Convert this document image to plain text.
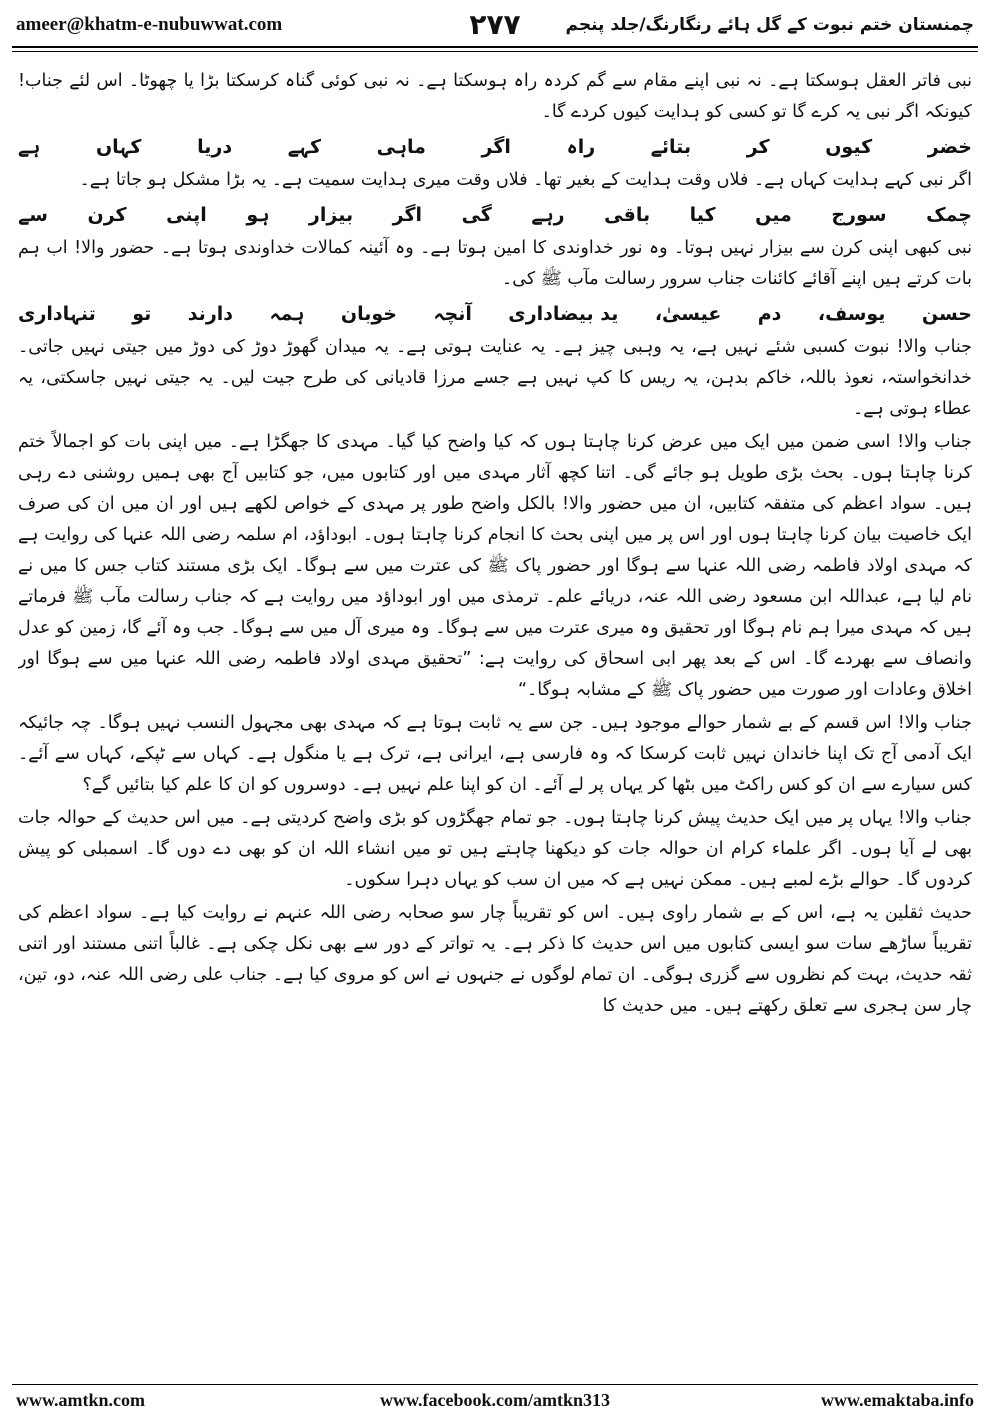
ameer@khatm-e-nubuwwat.com	۲۷۷	چمنستان ختم نبوت کے گل ہائے رنگارنگ/جلد پنجم

نبی فاتر العقل ہوسکتا ہے۔ نہ نبی اپنے مقام سے گم کردہ راہ ہوسکتا ہے۔ نہ نبی کوئی گناہ کرسکتا بڑا یا چھوٹا۔ اس لئے جناب! کیونکہ اگر نبی یہ کرے گا تو کسی کو ہدایت کیوں کردے گا۔

خضر
کیوں
کر
بتائے
راہ
اگر
ماہی
کہے
دریا
کہاں
ہے

اگر نبی کہے ہدایت کہاں ہے۔ فلاں وقت ہدایت کے بغیر تھا۔ فلاں وقت میری ہدایت سمیت ہے۔ یہ بڑا مشکل ہو جاتا ہے۔

چمک
سورج
میں
کیا
باقی
رہے
گی
اگر
بیزار
ہو
اپنی
کرن
سے

نبی کبھی اپنی کرن سے بیزار نہیں ہوتا۔ وہ نور خداوندی کا امین ہوتا ہے۔ وہ آئینہ کمالات خداوندی ہوتا ہے۔ حضور والا! اب ہم بات کرتے ہیں اپنے آقائے کائنات جناب سرور رسالت مآب ﷺ کی۔

حسن
یوسف،
دم
عیسیٰ،
ید بیضاداری
آنچہ
خوبان
ہمہ
دارند
تو
تنہاداری

جناب والا! نبوت کسبی شئے نہیں ہے، یہ وہبی چیز ہے۔ یہ عنایت ہوتی ہے۔ یہ میدان گھوڑ دوڑ کی دوڑ میں جیتی نہیں جاتی۔ خدانخواستہ، نعوذ باللہ، خاکم بدہن، یہ ریس کا کپ نہیں ہے جسے مرزا قادیانی کی طرح جیت لیں۔ یہ جیتی نہیں جاسکتی، یہ عطاء ہوتی ہے۔

جناب والا! اسی ضمن میں ایک میں عرض کرنا چاہتا ہوں کہ کیا واضح کیا گیا۔ مہدی کا جھگڑا ہے۔ میں اپنی بات کو اجمالاً ختم کرنا چاہتا ہوں۔ بحث بڑی طویل ہو جائے گی۔ اتنا کچھ آثار مہدی میں اور کتابوں میں، جو کتابیں آج بھی ہمیں روشنی دے رہی ہیں۔ سواد اعظم کی متفقہ کتابیں، ان میں حضور والا! بالکل واضح طور پر مہدی کے خواص لکھے ہیں اور ان میں ان کی صرف ایک خاصیت بیان کرنا چاہتا ہوں اور اس پر میں اپنی بحث کا انجام کرنا چاہتا ہوں۔ ابوداؤد، ام سلمہ رضی اللہ عنہا کی روایت ہے کہ مہدی اولاد فاطمہ رضی اللہ عنہا سے ہوگا اور حضور پاک ﷺ کی عترت میں سے ہوگا۔ ایک بڑی مستند کتاب جس کا میں نے نام لیا ہے، عبداللہ ابن مسعود رضی اللہ عنہ، دریائے علم۔ ترمذی میں اور ابوداؤد میں روایت ہے کہ جناب رسالت مآب ﷺ فرماتے ہیں کہ مہدی میرا ہم نام ہوگا اور تحقیق وہ میری عترت میں سے ہوگا۔ وہ میری آل میں سے ہوگا۔ جب وہ آئے گا، زمین کو عدل وانصاف سے بھردے گا۔ اس کے بعد پھر ابی اسحاق کی روایت ہے: ”تحقیق مہدی اولاد فاطمہ رضی اللہ عنہا میں سے ہوگا اور اخلاق وعادات اور صورت میں حضور پاک ﷺ کے مشابہ ہوگا۔“

جناب والا! اس قسم کے بے شمار حوالے موجود ہیں۔ جن سے یہ ثابت ہوتا ہے کہ مہدی بھی مجہول النسب نہیں ہوگا۔ چہ جائیکہ ایک آدمی آج تک اپنا خاندان نہیں ثابت کرسکا کہ وہ فارسی ہے، ایرانی ہے، ترک ہے یا منگول ہے۔ کہاں سے ٹپکے، کہاں سے آئے۔ کس سیارے سے ان کو کس راکٹ میں بٹھا کر یہاں پر لے آئے۔ ان کو اپنا علم نہیں ہے۔ دوسروں کو ان کا علم کیا بتائیں گے؟

جناب والا! یہاں پر میں ایک حدیث پیش کرنا چاہتا ہوں۔ جو تمام جھگڑوں کو بڑی واضح کردیتی ہے۔ میں اس حدیث کے حوالہ جات بھی لے آیا ہوں۔ اگر علماء کرام ان حوالہ جات کو دیکھنا چاہتے ہیں تو میں انشاء اللہ ان کو بھی دے دوں گا۔ اسمبلی کو پیش کردوں گا۔ حوالے بڑے لمبے ہیں۔ ممکن نہیں ہے کہ میں ان سب کو یہاں دہرا سکوں۔

حدیث ثقلین یہ ہے، اس کے بے شمار راوی ہیں۔ اس کو تقریباً چار سو صحابہ رضی اللہ عنہم نے روایت کیا ہے۔ سواد اعظم کی تقریباً ساڑھے سات سو ایسی کتابوں میں اس حدیث کا ذکر ہے۔ یہ تواتر کے دور سے بھی نکل چکی ہے۔ غالباً اتنی مستند اور اتنی ثقہ حدیث، بہت کم نظروں سے گزری ہوگی۔ ان تمام لوگوں نے جنہوں نے اس کو مروی کیا ہے۔ جناب علی رضی اللہ عنہ، دو، تین، چار سن ہجری سے تعلق رکھتے ہیں۔ میں حدیث کا

www.amtkn.com	www.facebook.com/amtkn313	www.emaktaba.info
